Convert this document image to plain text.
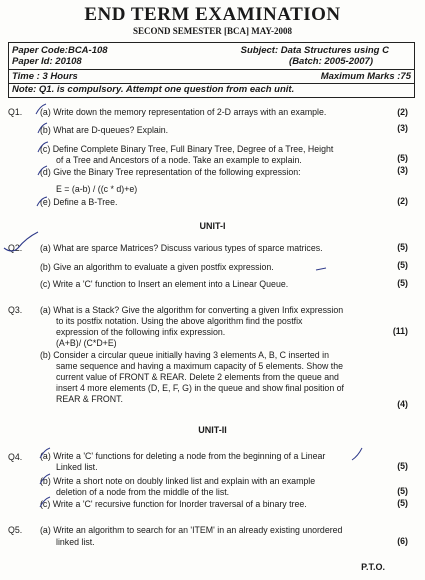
END TERM EXAMINATION
SECOND SEMESTER [BCA] MAY-2008
Paper Code:BCA-108	Subject: Data Structures using C
Paper Id: 20108	(Batch: 2005-2007)
Time : 3 Hours	Maximum Marks :75
Note: Q1. is compulsory. Attempt one question from each unit.
Q1. (a) Write down the memory representation of 2-D arrays with an example.	(2)
(b) What are D-queues? Explain.	(3)
(c) Define Complete Binary Tree, Full Binary Tree, Degree of a Tree, Height
of a Tree and Ancestors of a node. Take an example to explain.	(5)
(d) Give the Binary Tree representation of the following expression:	(3)
E = (a-b) / ((c * d)+e)
(e) Define a B-Tree.	(2)
UNIT-I
Q2. (a) What are sparce Matrices? Discuss various types of sparce matrices.	(5)
(b) Give an algorithm to evaluate a given postfix expression.	(5)
(c) Write a 'C' function to Insert an element into a Linear Queue.	(5)
Q3. (a) What is a Stack? Give the algorithm for converting a given Infix expression
to its postfix notation. Using the above algorithm find the postfix
expression of the following infix expression.
(A+B)/ (C*D+E)
(11)
(b) Consider a circular queue initially having 3 elements A, B, C inserted in
same sequence and having a maximum capacity of 5 elements. Show the
current value of FRONT & REAR. Delete 2 elements from the queue and
insert 4 more elements (D, E, F, G) in the queue and show final position of
REAR & FRONT.	(4)
UNIT-II
Q4. (a) Write a 'C' functions for deleting a node from the beginning of a Linear
Linked list.	(5)
(b) Write a short note on doubly linked list and explain with an example
deletion of a node from the middle of the list.	(5)
(c) Write a 'C' recursive function for Inorder traversal of a binary tree.	(5)
Q5. (a) Write an algorithm to search for an 'ITEM' in an already existing unordered
linked list.	(6)
P.T.O.
